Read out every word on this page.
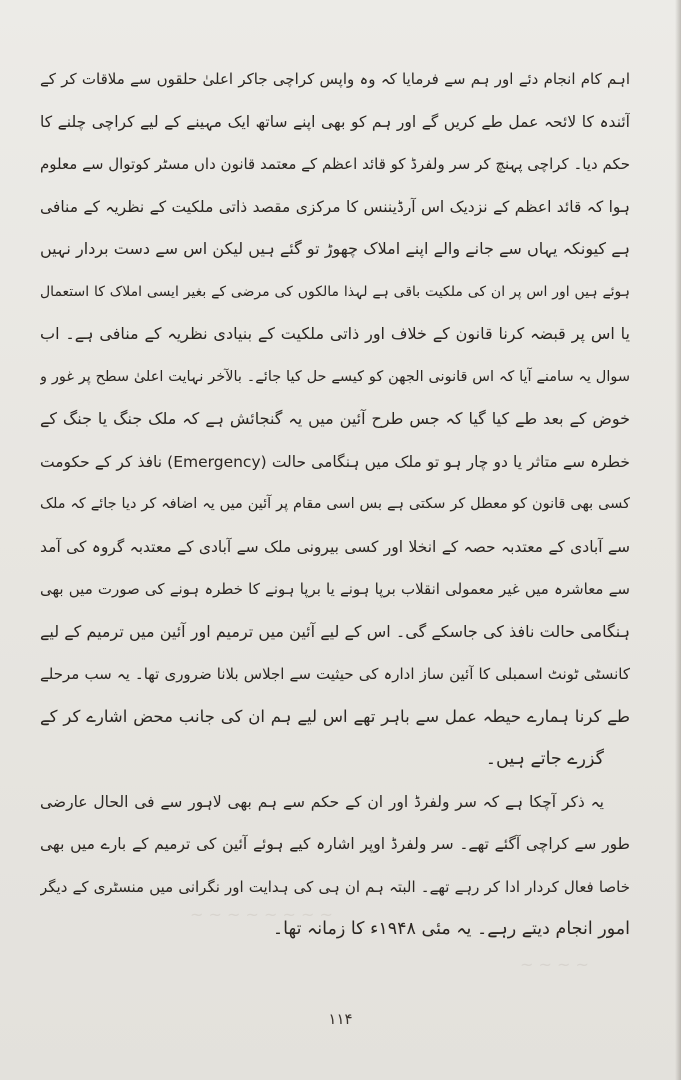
~ ~ ~ ~ ~ ~ ~ ~
~ ~ ~ ~
اہم کام انجام دئے اور ہم سے فرمایا کہ وہ واپس کراچی جاکر اعلیٰ حلقوں سے ملاقات کر کے
آئندہ کا لائحہ عمل طے کریں گے اور ہم کو بھی اپنے ساتھ ایک مہینے کے لیے کراچی چلنے کا
حکم دیا۔ کراچی پہنچ کر سر ولفرڈ کو قائد اعظم کے معتمد قانون داں مسٹر کوتوال سے معلوم
ہوا کہ قائد اعظم کے نزدیک اس آرڈیننس کا مرکزی مقصد ذاتی ملکیت کے نظریہ کے منافی
ہے کیونکہ یہاں سے جانے والے اپنے املاک چھوڑ تو گئے ہیں لیکن اس سے دست بردار نہیں
ہوئے ہیں اور اس پر ان کی ملکیت باقی ہے لہذا مالکوں کی مرضی کے بغیر ایسی املاک کا استعمال
یا اس پر قبضہ کرنا قانون کے خلاف اور ذاتی ملکیت کے بنیادی نظریہ کے منافی ہے۔ اب
سوال یہ سامنے آیا کہ اس قانونی الجھن کو کیسے حل کیا جائے۔ بالآخر نہایت اعلیٰ سطح پر غور و
خوض کے بعد طے کیا گیا کہ جس طرح آئین میں یہ گنجائش ہے کہ ملک جنگ یا جنگ کے
خطرہ سے متاثر یا دو چار ہو تو ملک میں ہنگامی حالت (Emergency) نافذ کر کے حکومت
کسی بھی قانون کو معطل کر سکتی ہے بس اسی مقام پر آئین میں یہ اضافہ کر دیا جائے کہ ملک
سے آبادی کے معتدبہ حصہ کے انخلا اور کسی بیرونی ملک سے آبادی کے معتدبہ گروہ کی آمد
سے معاشرہ میں غیر معمولی انقلاب برپا ہونے یا برپا ہونے کا خطرہ ہونے کی صورت میں بھی
ہنگامی حالت نافذ کی جاسکے گی۔ اس کے لیے آئین میں ترمیم اور آئین میں ترمیم کے لیے
کانسٹی ٹونٹ اسمبلی کا آئین ساز ادارہ کی حیثیت سے اجلاس بلانا ضروری تھا۔ یہ سب مرحلے
طے کرنا ہمارے حیطہ عمل سے باہر تھے اس لیے ہم ان کی جانب محض اشارے کر کے
گزرے جاتے ہیں۔
یہ ذکر آچکا ہے کہ سر ولفرڈ اور ان کے حکم سے ہم بھی لاہور سے فی الحال عارضی
طور سے کراچی آگئے تھے۔ سر ولفرڈ اوپر اشارہ کیے ہوئے آئین کی ترمیم کے بارے میں بھی
خاصا فعال کردار ادا کر رہے تھے۔ البتہ ہم ان ہی کی ہدایت اور نگرانی میں منسٹری کے دیگر
امور انجام دیتے رہے۔ یہ مئی ۱۹۴۸ء کا زمانہ تھا۔
۱۱۴
